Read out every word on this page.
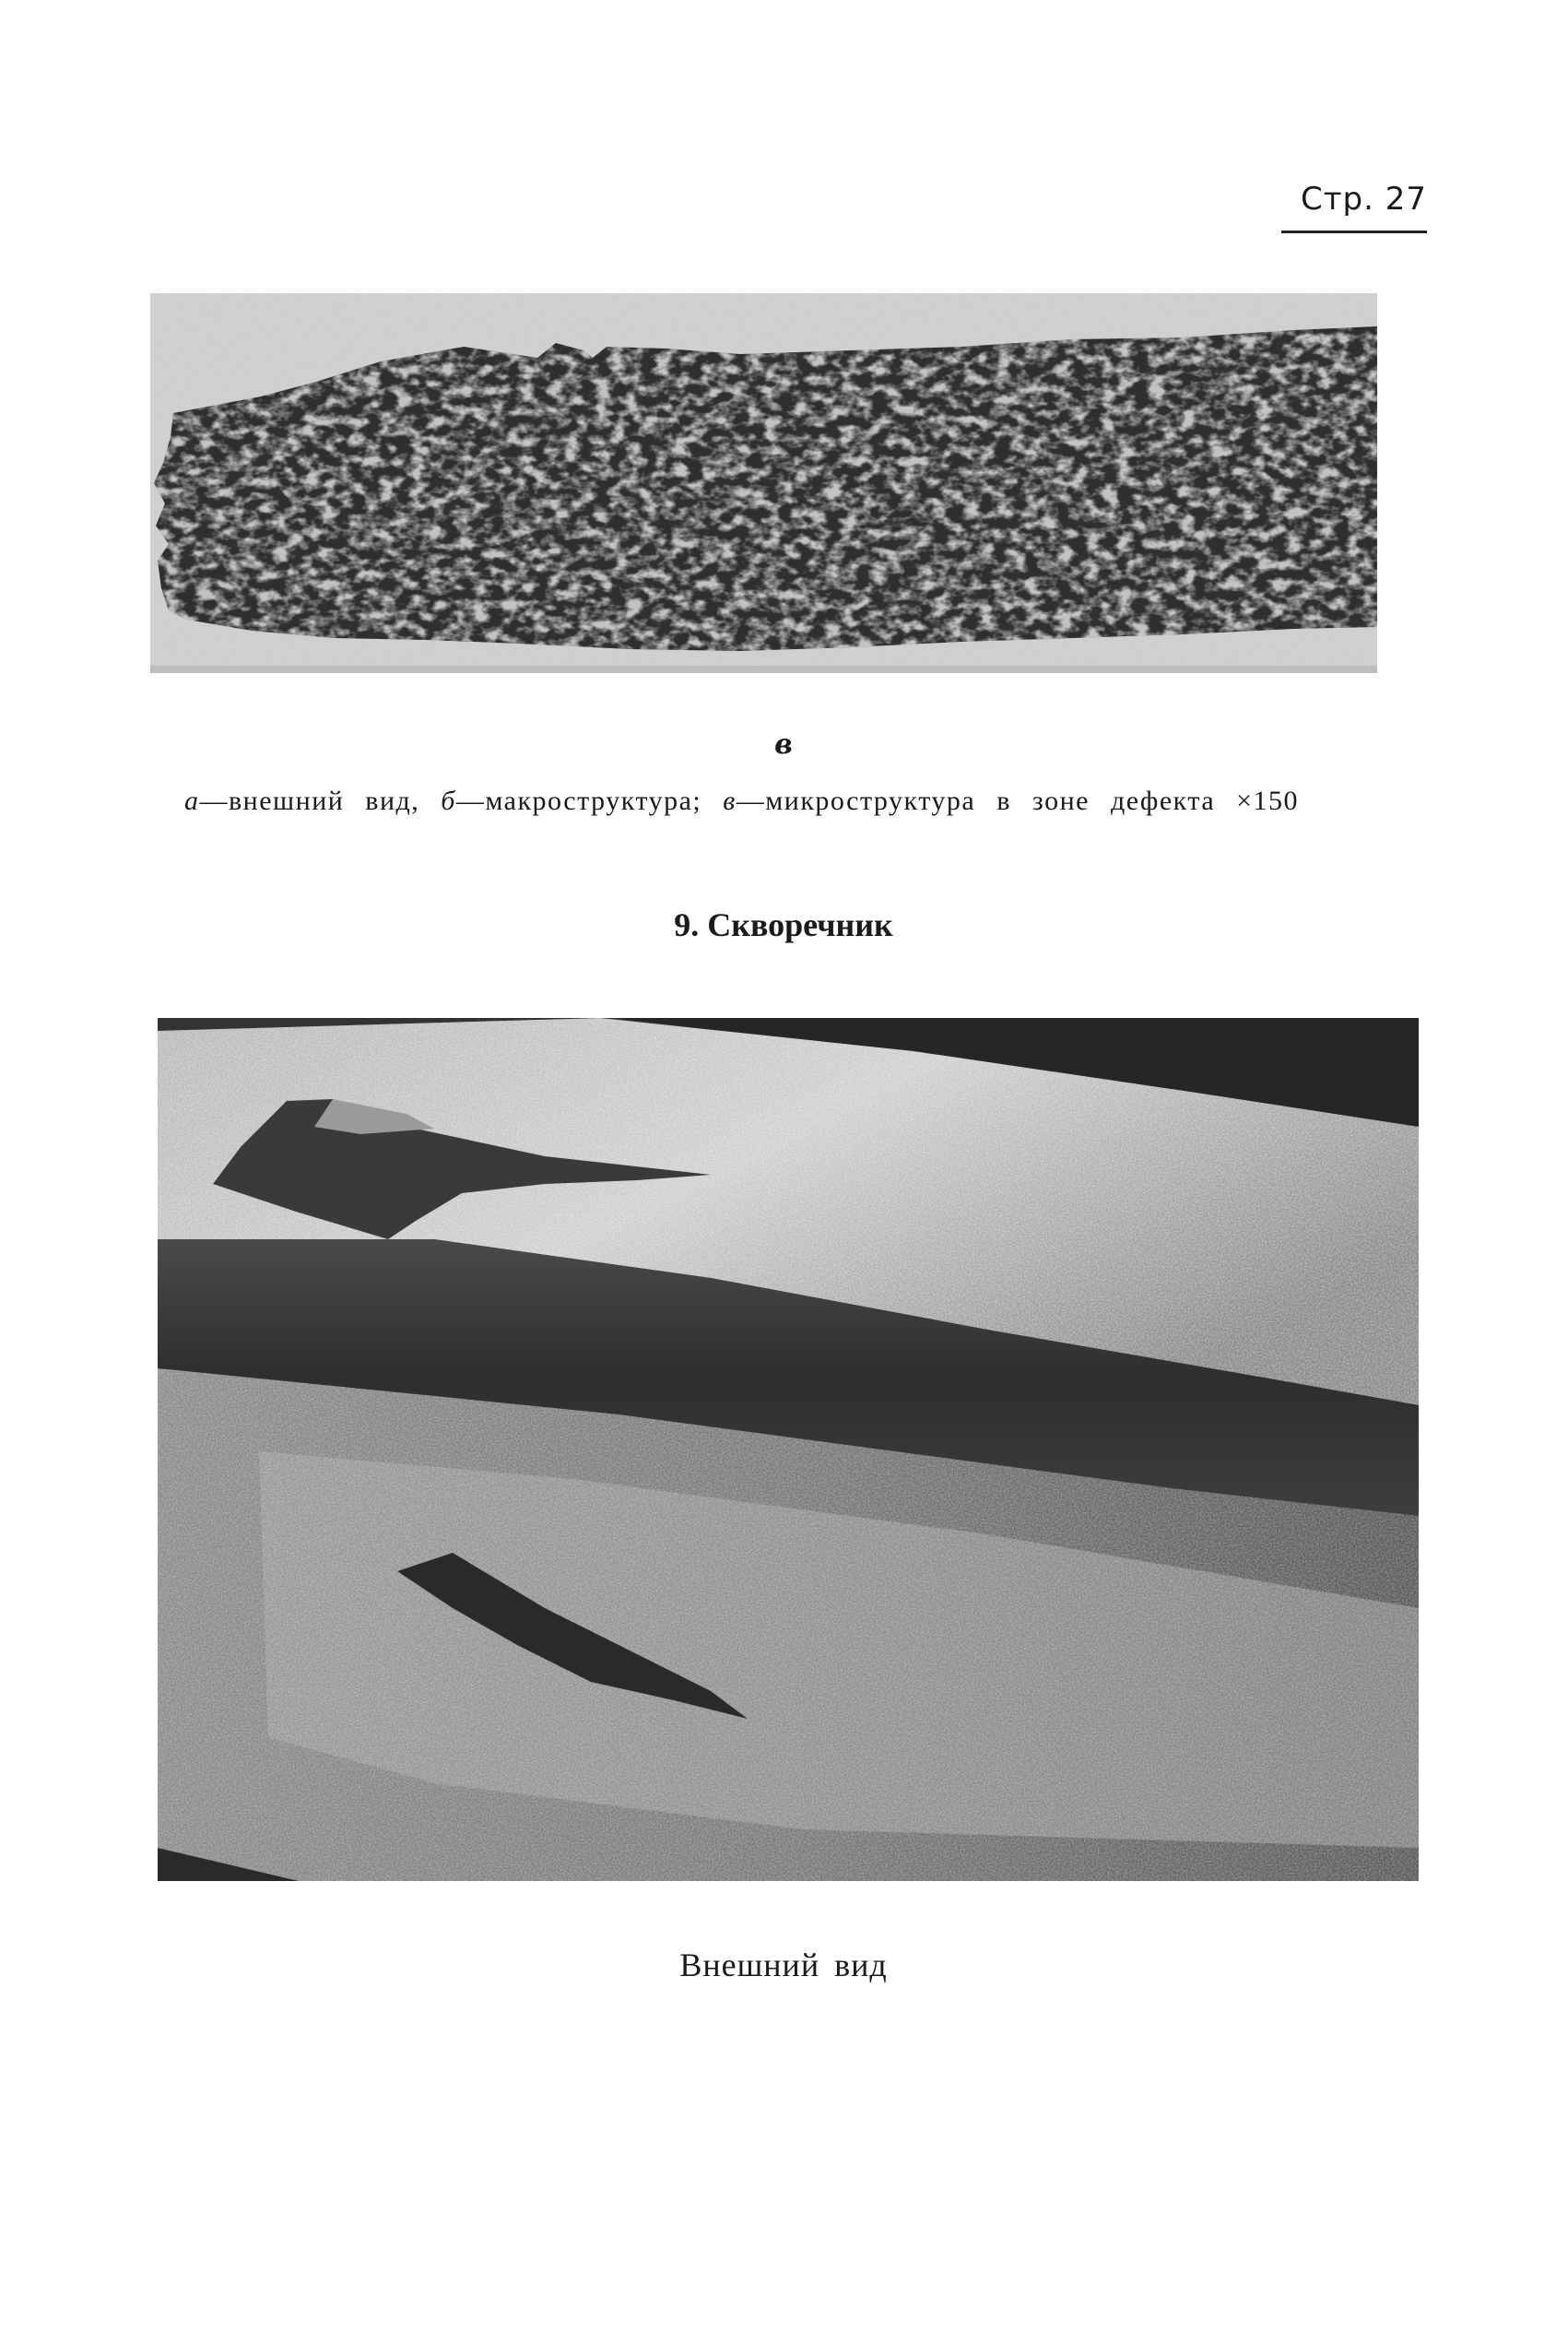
Стр. 27
в
а—внешний вид, б—макроструктура; в—микроструктура в зоне дефекта ×150
9. Скворечник
Внешний вид
